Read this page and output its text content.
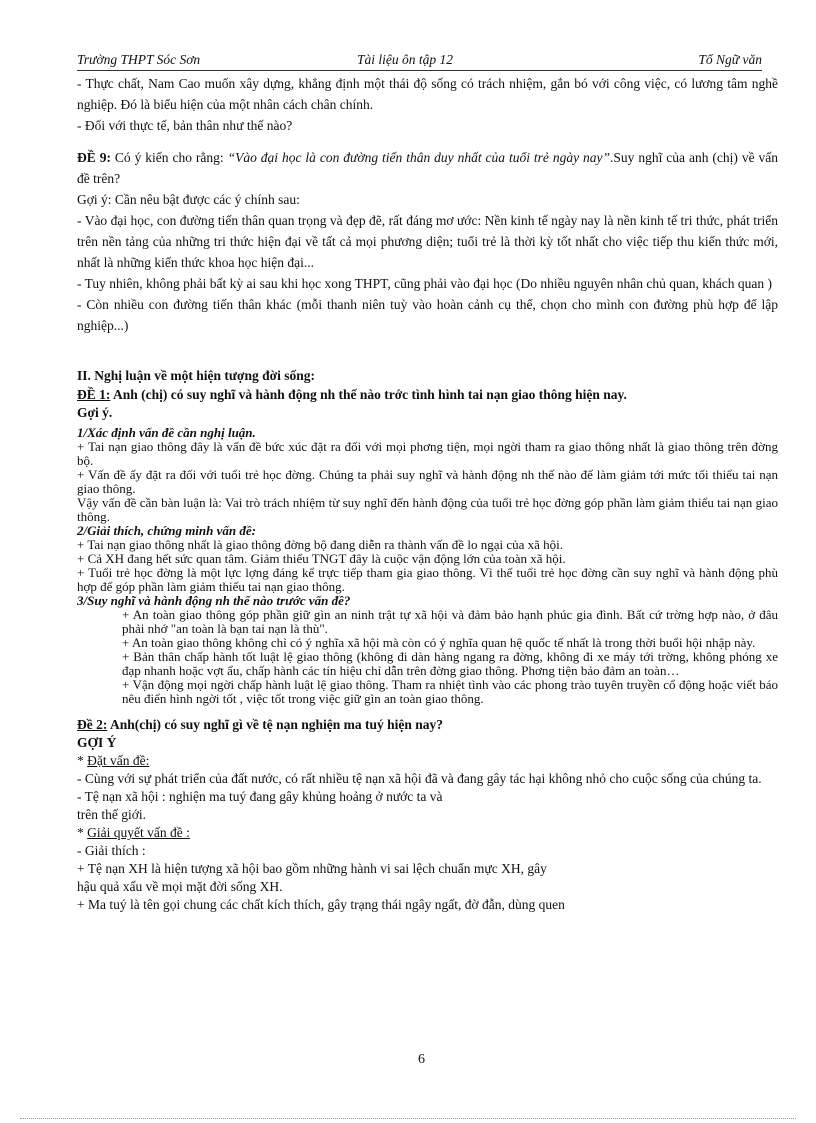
Trường THPT Sóc Sơn	Tài liệu ôn tập 12	Tổ Ngữ văn

- Thực chất, Nam Cao muốn xây dựng, khẳng định một thái độ sống có trách nhiệm, gắn bó với công việc, có lương tâm nghề nghiệp. Đó là biểu hiện của một nhân cách chân chính.

- Đối với thực tế, bản thân như thế nào?

ĐỀ 9: Có ý kiến cho rằng: “Vào đại học là con đường tiến thân duy nhất của tuổi trẻ ngày nay”.Suy nghĩ của anh (chị) về vấn đề trên?

Gợi ý: Cần nêu bật được các ý chính sau:

- Vào đại học, con đường tiến thân quan trọng và đẹp đẽ, rất đáng mơ ước: Nền kinh tế ngày nay là nền kinh tế tri thức, phát triển trên nền tảng của những tri thức hiện đại về tất cả mọi phương diện; tuổi trẻ là thời kỳ tốt nhất cho việc tiếp thu kiến thức mới, nhất là những kiến thức khoa học hiện đại...

- Tuy nhiên, không phải bất kỳ ai sau khi học xong THPT, cũng phải vào đại học (Do nhiều nguyên nhân chủ quan, khách quan )

- Còn nhiều con đường tiến thân khác (mỗi thanh niên tuỳ vào hoàn cảnh cụ thể, chọn cho mình con đường phù hợp để lập nghiệp...)

II. Nghị luận về một hiện tượng đời sống:

ĐỀ 1: Anh (chị) có suy nghĩ và hành động nh thế nào trớc tình hình tai nạn giao thông hiện nay.

Gợi ý.

1/Xác định vấn đề cần nghị luận.

+ Tai nạn giao thông đây là vấn đề bức xúc đặt ra đối với mọi phơng tiện, mọi ngời tham ra giao thông nhất là giao thông trên đờng bộ.

+ Vấn đề ấy đặt ra đối với tuổi trẻ học đờng. Chúng ta phải suy nghĩ và hành động nh thế nào để làm giảm tới mức tối thiểu tai nạn giao thông.

Vậy vấn đề cần bàn luận là: Vai trò trách nhiệm từ suy nghĩ đến hành động của tuổi trẻ học đờng góp phần làm giảm thiểu tai nạn giao thông.

2/Giải thích, chứng minh vấn đề:

+ Tai nạn giao thông nhất là giao thông đờng bộ đang diễn ra thành vấn đề lo ngại của xã hội.

+ Cả XH đang hết sức quan tâm. Giảm thiểu TNGT đây là cuộc vận động lớn của toàn xã hội.

+ Tuổi trẻ học đờng là một lực lợng đáng kể trực tiếp tham gia giao thông. Vì thế tuổi trẻ học đờng cần suy nghĩ và hành động phù hợp để góp phần làm giảm thiểu tai nạn giao thông.

3/Suy nghĩ và hành động nh thế nào trước vấn đề?

+ An toàn giao thông góp phần giữ gìn an ninh trật tự xã hội và đảm bảo hạnh phúc gia đình. Bất cứ trờng hợp nào, ở đâu phải nhớ "an toàn là bạn tai nạn là thù".

+ An toàn giao thông không chỉ có ý nghĩa xã hội mà còn có ý nghĩa quan hệ quốc tế nhất là trong thời buổi hội nhập này.

+ Bản thân chấp hành tốt luật lệ giao thông (không đi dàn hàng ngang ra đờng, không đi xe máy tới trờng, không phóng xe đạp nhanh hoặc vợt ẩu, chấp hành các tín hiệu chỉ dẫn trên đờng giao thông. Phơng tiện bảo đảm an toàn…

+ Vận động mọi ngời chấp hành luật lệ giao thông. Tham ra nhiệt tình vào các phong trào tuyên truyền cổ động hoặc viết báo nêu điển hình ngời tốt , việc tốt trong việc giữ gìn an toàn giao thông.

Đề 2: Anh(chị) có suy nghĩ gì về tệ nạn nghiện ma tuý hiện nay?

GỢI Ý

* Đặt vấn đề:

- Cùng với sự phát triển của đất nước, có rất nhiều tệ nạn xã hội đã và đang gây tác hại không nhỏ cho cuộc sống của chúng ta.

- Tệ nạn xã hội : nghiện ma tuý đang gây khủng hoảng ở nước ta và

trên thế giới.

* Giải quyết vấn đề :

- Giải thích :

+ Tệ nạn XH là hiện tượng xã hội bao gồm những hành vi sai lệch chuẩn mực XH, gây

hậu quả xấu về mọi mặt đời sống XH.

+ Ma tuý là tên gọi chung các chất kích thích, gây trạng thái ngây ngất, đờ đẫn, dùng quen

6
